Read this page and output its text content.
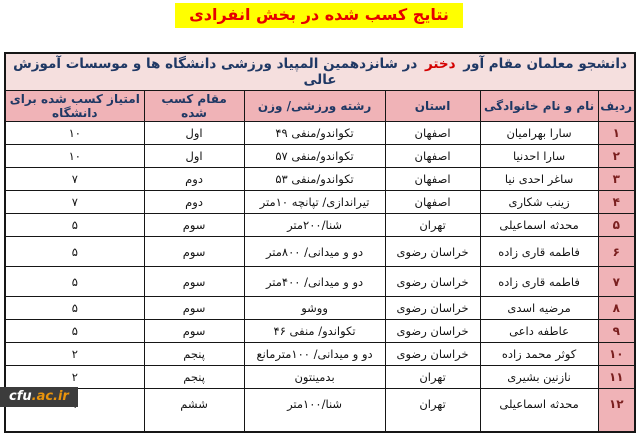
نتایج کسب شده در بخش انفرادی
دانشجو معلمان مقام آور دختر در شانزدهمین المپیاد ورزشی دانشگاه ها و موسسات آموزش عالی					
ردیف	نام و نام خانوادگی	استان	رشته ورزشی/ وزن	مقام کسب شده	امتیاز کسب شده برای دانشگاه
۱	سارا بهرامیان	اصفهان	تکواندو/منفی ۴۹	اول	۱۰
۲	سارا احدنیا	اصفهان	تکواندو/منفی ۵۷	اول	۱۰
۳	ساغر احدی نیا	اصفهان	تکواندو/منفی ۵۳	دوم	۷
۴	زینب شکاری	اصفهان	تیراندازی/ تپانچه ۱۰متر	دوم	۷
۵	محدثه اسماعیلی	تهران	شنا/۲۰۰متر	سوم	۵
۶	فاطمه قاری زاده	خراسان رضوی	دو و میدانی/ ۸۰۰متر	سوم	۵
۷	فاطمه قاری زاده	خراسان رضوی	دو و میدانی/ ۴۰۰متر	سوم	۵
۸	مرضیه اسدی	خراسان رضوی	ووشو	سوم	۵
۹	عاطفه داعی	خراسان رضوی	تکواندو/ منفی ۴۶	سوم	۵
۱۰	کوثر محمد زاده	خراسان رضوی	دو و میدانی/ ۱۰۰مترمانع	پنجم	۲
۱۱	نازنین بشیری	تهران	بدمینتون	پنجم	۲
۱۲	محدثه اسماعیلی	تهران	شنا/۱۰۰متر	ششم	
cfu.ac.ir
